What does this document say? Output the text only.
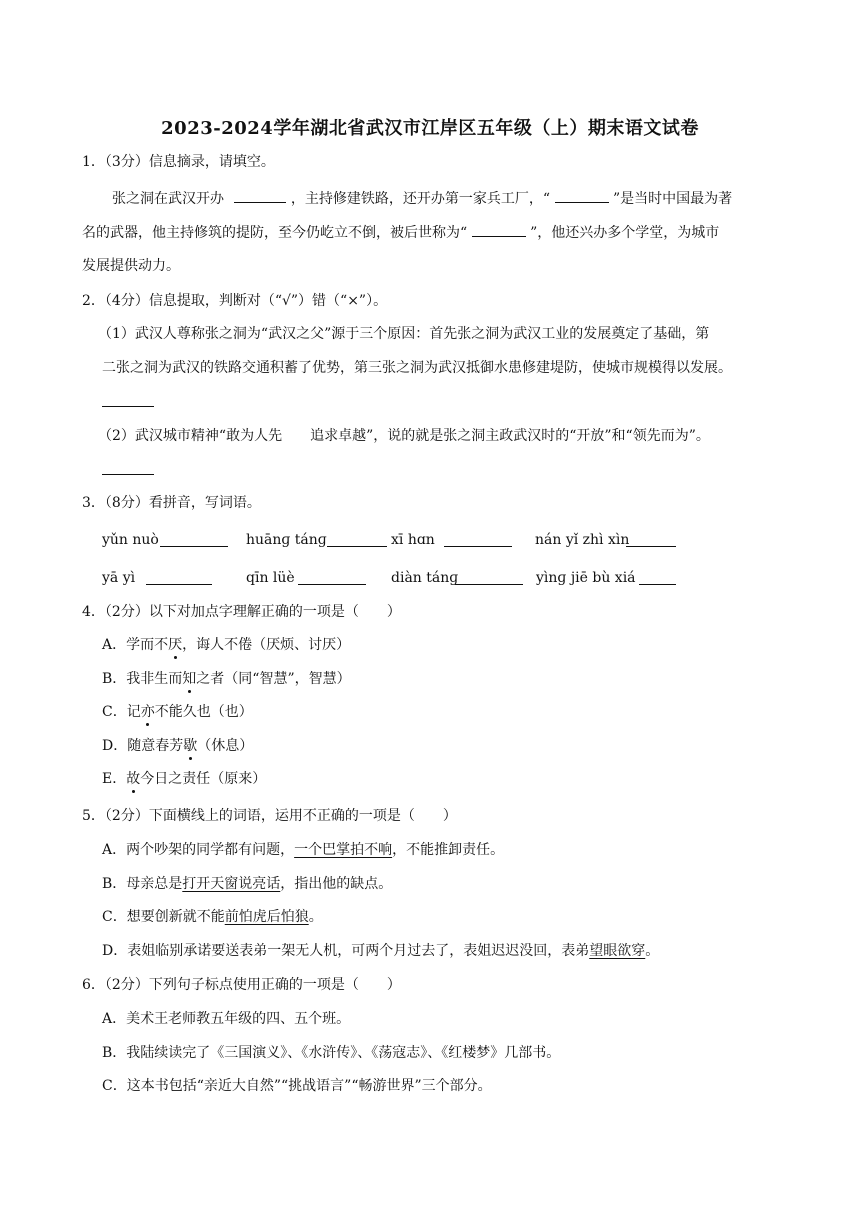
2023-2024学年湖北省武汉市江岸区五年级（上）期末语文试卷
1．（3分）信息摘录，请填空。
张之洞在武汉开办	，主持修建铁路，还开办第一家兵工厂，“	”是当时中国最为著
名的武器，他主持修筑的提防，至今仍屹立不倒，被后世称为“	”，他还兴办多个学堂，为城市
发展提供动力。
2．（4分）信息提取，判断对（“√”）错（“×”）。
（1）武汉人尊称张之洞为“武汉之父”源于三个原因：首先张之洞为武汉工业的发展奠定了基础，第
二张之洞为武汉的铁路交通积蓄了优势，第三张之洞为武汉抵御水患修建堤防，使城市规模得以发展。
（2）武汉城市精神“敢为人先　　追求卓越”，说的就是张之洞主政武汉时的“开放”和“领先而为”。
3．（8分）看拼音，写词语。
yǔn nuò	huānɡ tánɡ	xī hɑn	nán yǐ zhì xìn
yā yì	qīn lüè	diàn tánɡ	yìnɡ jiē bù xiá
4．（2分）以下对加点字理解正确的一项是（　　）
A．学而不厌，诲人不倦（厌烦、讨厌）
B．我非生而知之者（同“智慧”，智慧）
C．记亦不能久也（也）
D．随意春芳歇（休息）
E．故今日之责任（原来）
5．（2分）下面横线上的词语，运用不正确的一项是（　　）
A．两个吵架的同学都有问题，一个巴掌拍不响，不能推卸责任。
B．母亲总是打开天窗说亮话，指出他的缺点。
C．想要创新就不能前怕虎后怕狼。
D．表姐临别承诺要送表弟一架无人机，可两个月过去了，表姐迟迟没回，表弟望眼欲穿。
6．（2分）下列句子标点使用正确的一项是（　　）
A．美术王老师教五年级的四、五个班。
B．我陆续读完了《三国演义》、《水浒传》、《荡寇志》、《红楼梦》几部书。
C．这本书包括“亲近大自然”“挑战语言”“畅游世界”三个部分。
